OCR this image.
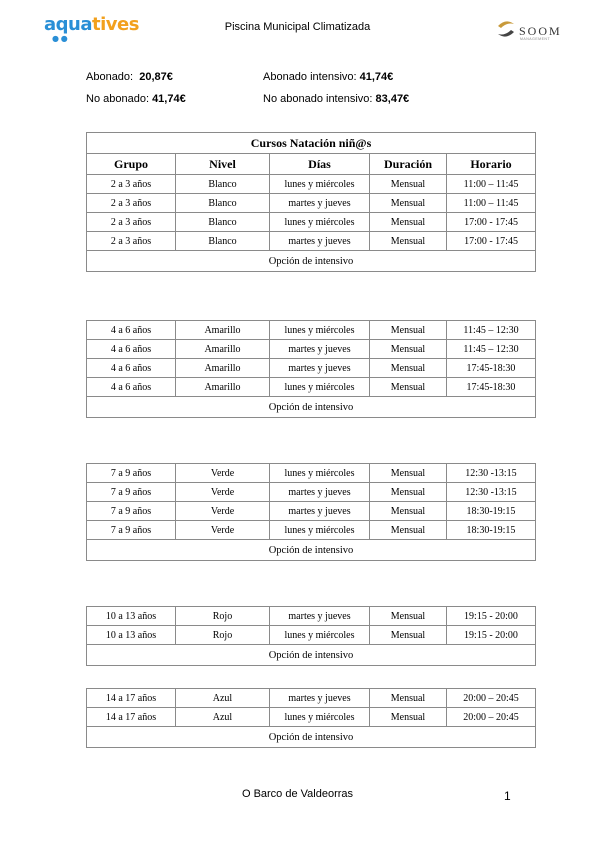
aquatives
● ●
Piscina Municipal Climatizada	SOOM
MANAGEMENT
Abonado: 20,87€	Abonado intensivo: 41,74€
No abonado: 41,74€	No abonado intensivo: 83,47€
Cursos Natación niñ@s				
Grupo	Nivel	Días	Duración	Horario
2 a 3 años	Blanco	lunes y miércoles	Mensual	11:00 – 11:45
2 a 3 años	Blanco	martes y jueves	Mensual	11:00 – 11:45
2 a 3 años	Blanco	lunes y miércoles	Mensual	17:00 - 17:45
2 a 3 años	Blanco	martes y jueves	Mensual	17:00 - 17:45
Opción de intensivo				
4 a 6 años	Amarillo	lunes y miércoles	Mensual	11:45 – 12:30
4 a 6 años	Amarillo	martes y jueves	Mensual	11:45 – 12:30
4 a 6 años	Amarillo	martes y jueves	Mensual	17:45-18:30
4 a 6 años	Amarillo	lunes y miércoles	Mensual	17:45-18:30
Opción de intensivo				
7 a 9 años	Verde	lunes y miércoles	Mensual	12:30 -13:15
7 a 9 años	Verde	martes y jueves	Mensual	12:30 -13:15
7 a 9 años	Verde	martes y jueves	Mensual	18:30-19:15
7 a 9 años	Verde	lunes y miércoles	Mensual	18:30-19:15
Opción de intensivo				
10 a 13 años	Rojo	martes y jueves	Mensual	19:15 - 20:00
10 a 13 años	Rojo	lunes y miércoles	Mensual	19:15 - 20:00
Opción de intensivo				
14 a 17 años	Azul	martes y jueves	Mensual	20:00 – 20:45
14 a 17 años	Azul	lunes y miércoles	Mensual	20:00 – 20:45
Opción de intensivo				
O Barco de Valdeorras	1
